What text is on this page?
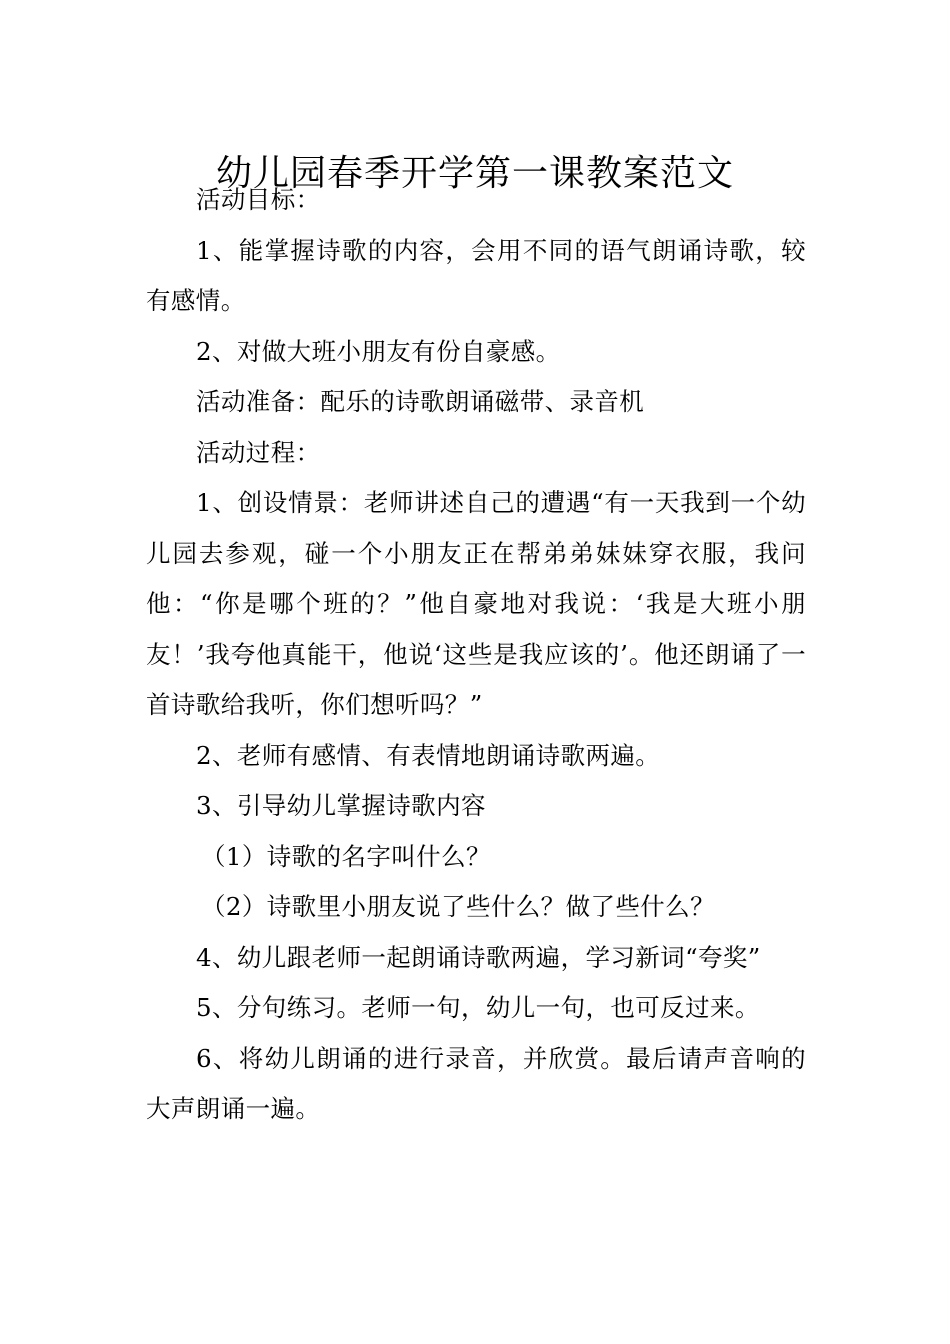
幼儿园春季开学第一课教案范文

活动目标：

1、能掌握诗歌的内容，会用不同的语气朗诵诗歌，较有感情。

2、对做大班小朋友有份自豪感。

活动准备：配乐的诗歌朗诵磁带、录音机

活动过程：

1、创设情景：老师讲述自己的遭遇“有一天我到一个幼儿园去参观，碰一个小朋友正在帮弟弟妹妹穿衣服，我问他：“你是哪个班的？”他自豪地对我说：‘我是大班小朋友！’我夸他真能干，他说‘这些是我应该的’。他还朗诵了一首诗歌给我听，你们想听吗？”

2、老师有感情、有表情地朗诵诗歌两遍。

3、引导幼儿掌握诗歌内容

（1）诗歌的名字叫什么？

（2）诗歌里小朋友说了些什么？做了些什么？

4、幼儿跟老师一起朗诵诗歌两遍，学习新词“夸奖”

5、分句练习。老师一句，幼儿一句，也可反过来。

6、将幼儿朗诵的进行录音，并欣赏。最后请声音响的大声朗诵一遍。
